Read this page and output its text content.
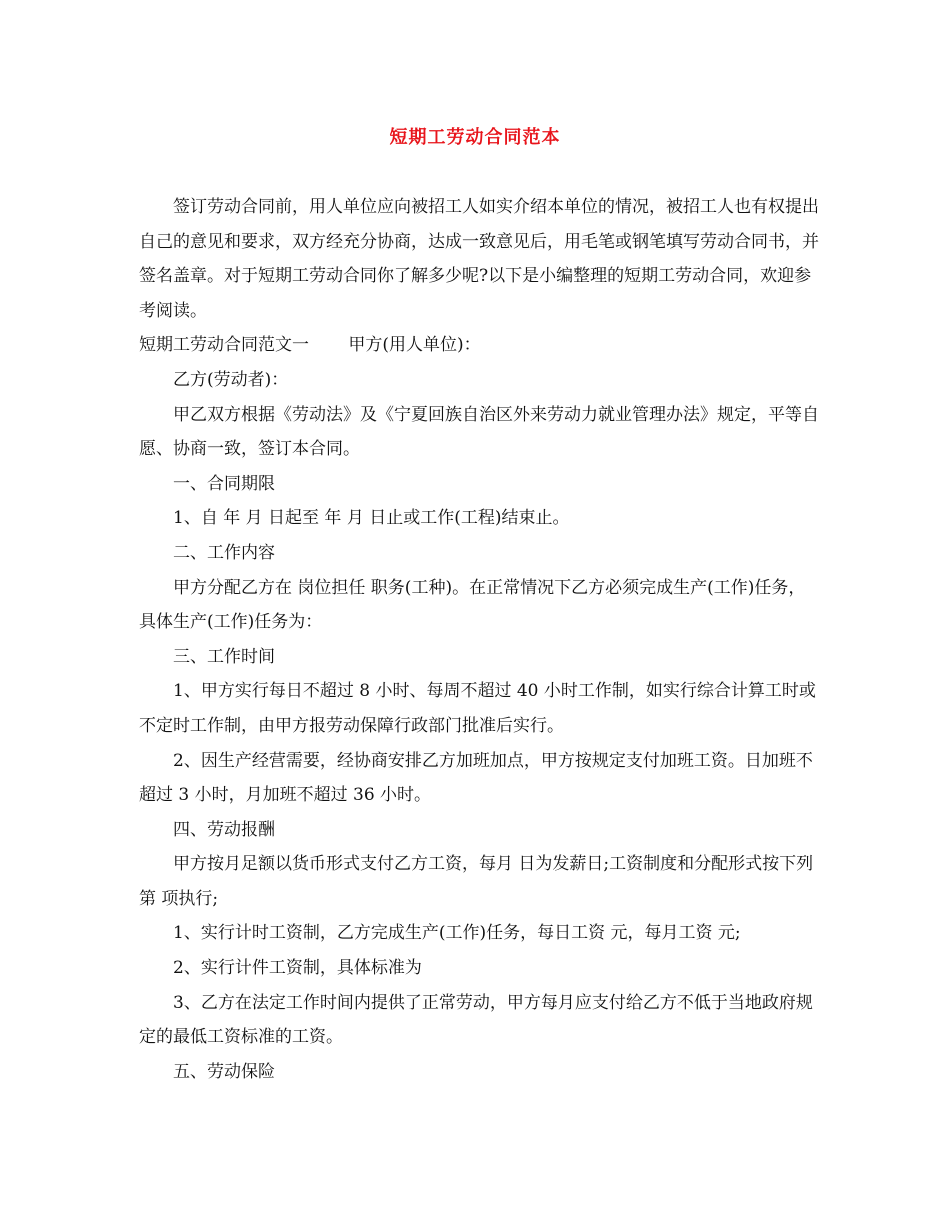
短期工劳动合同范本

签订劳动合同前，用人单位应向被招工人如实介绍本单位的情况，被招工人也有权提出自己的意见和要求，双方经充分协商，达成一致意见后，用毛笔或钢笔填写劳动合同书，并签名盖章。对于短期工劳动合同你了解多少呢?以下是小编整理的短期工劳动合同，欢迎参考阅读。

短期工劳动合同范文一　　 甲方(用人单位)：

乙方(劳动者)：

甲乙双方根据《劳动法》及《宁夏回族自治区外来劳动力就业管理办法》规定，平等自愿、协商一致，签订本合同。

一、合同期限

1、自 年 月 日起至 年 月 日止或工作(工程)结束止。

二、工作内容

甲方分配乙方在 岗位担任 职务(工种)。在正常情况下乙方必须完成生产(工作)任务，具体生产(工作)任务为：

三、工作时间

1、甲方实行每日不超过 8 小时、每周不超过 40 小时工作制，如实行综合计算工时或不定时工作制，由甲方报劳动保障行政部门批准后实行。

2、因生产经营需要，经协商安排乙方加班加点，甲方按规定支付加班工资。日加班不超过 3 小时，月加班不超过 36 小时。

四、劳动报酬

甲方按月足额以货币形式支付乙方工资，每月 日为发薪日;工资制度和分配形式按下列第 项执行;

1、实行计时工资制，乙方完成生产(工作)任务，每日工资 元，每月工资 元;

2、实行计件工资制，具体标准为

3、乙方在法定工作时间内提供了正常劳动，甲方每月应支付给乙方不低于当地政府规定的最低工资标准的工资。

五、劳动保险
